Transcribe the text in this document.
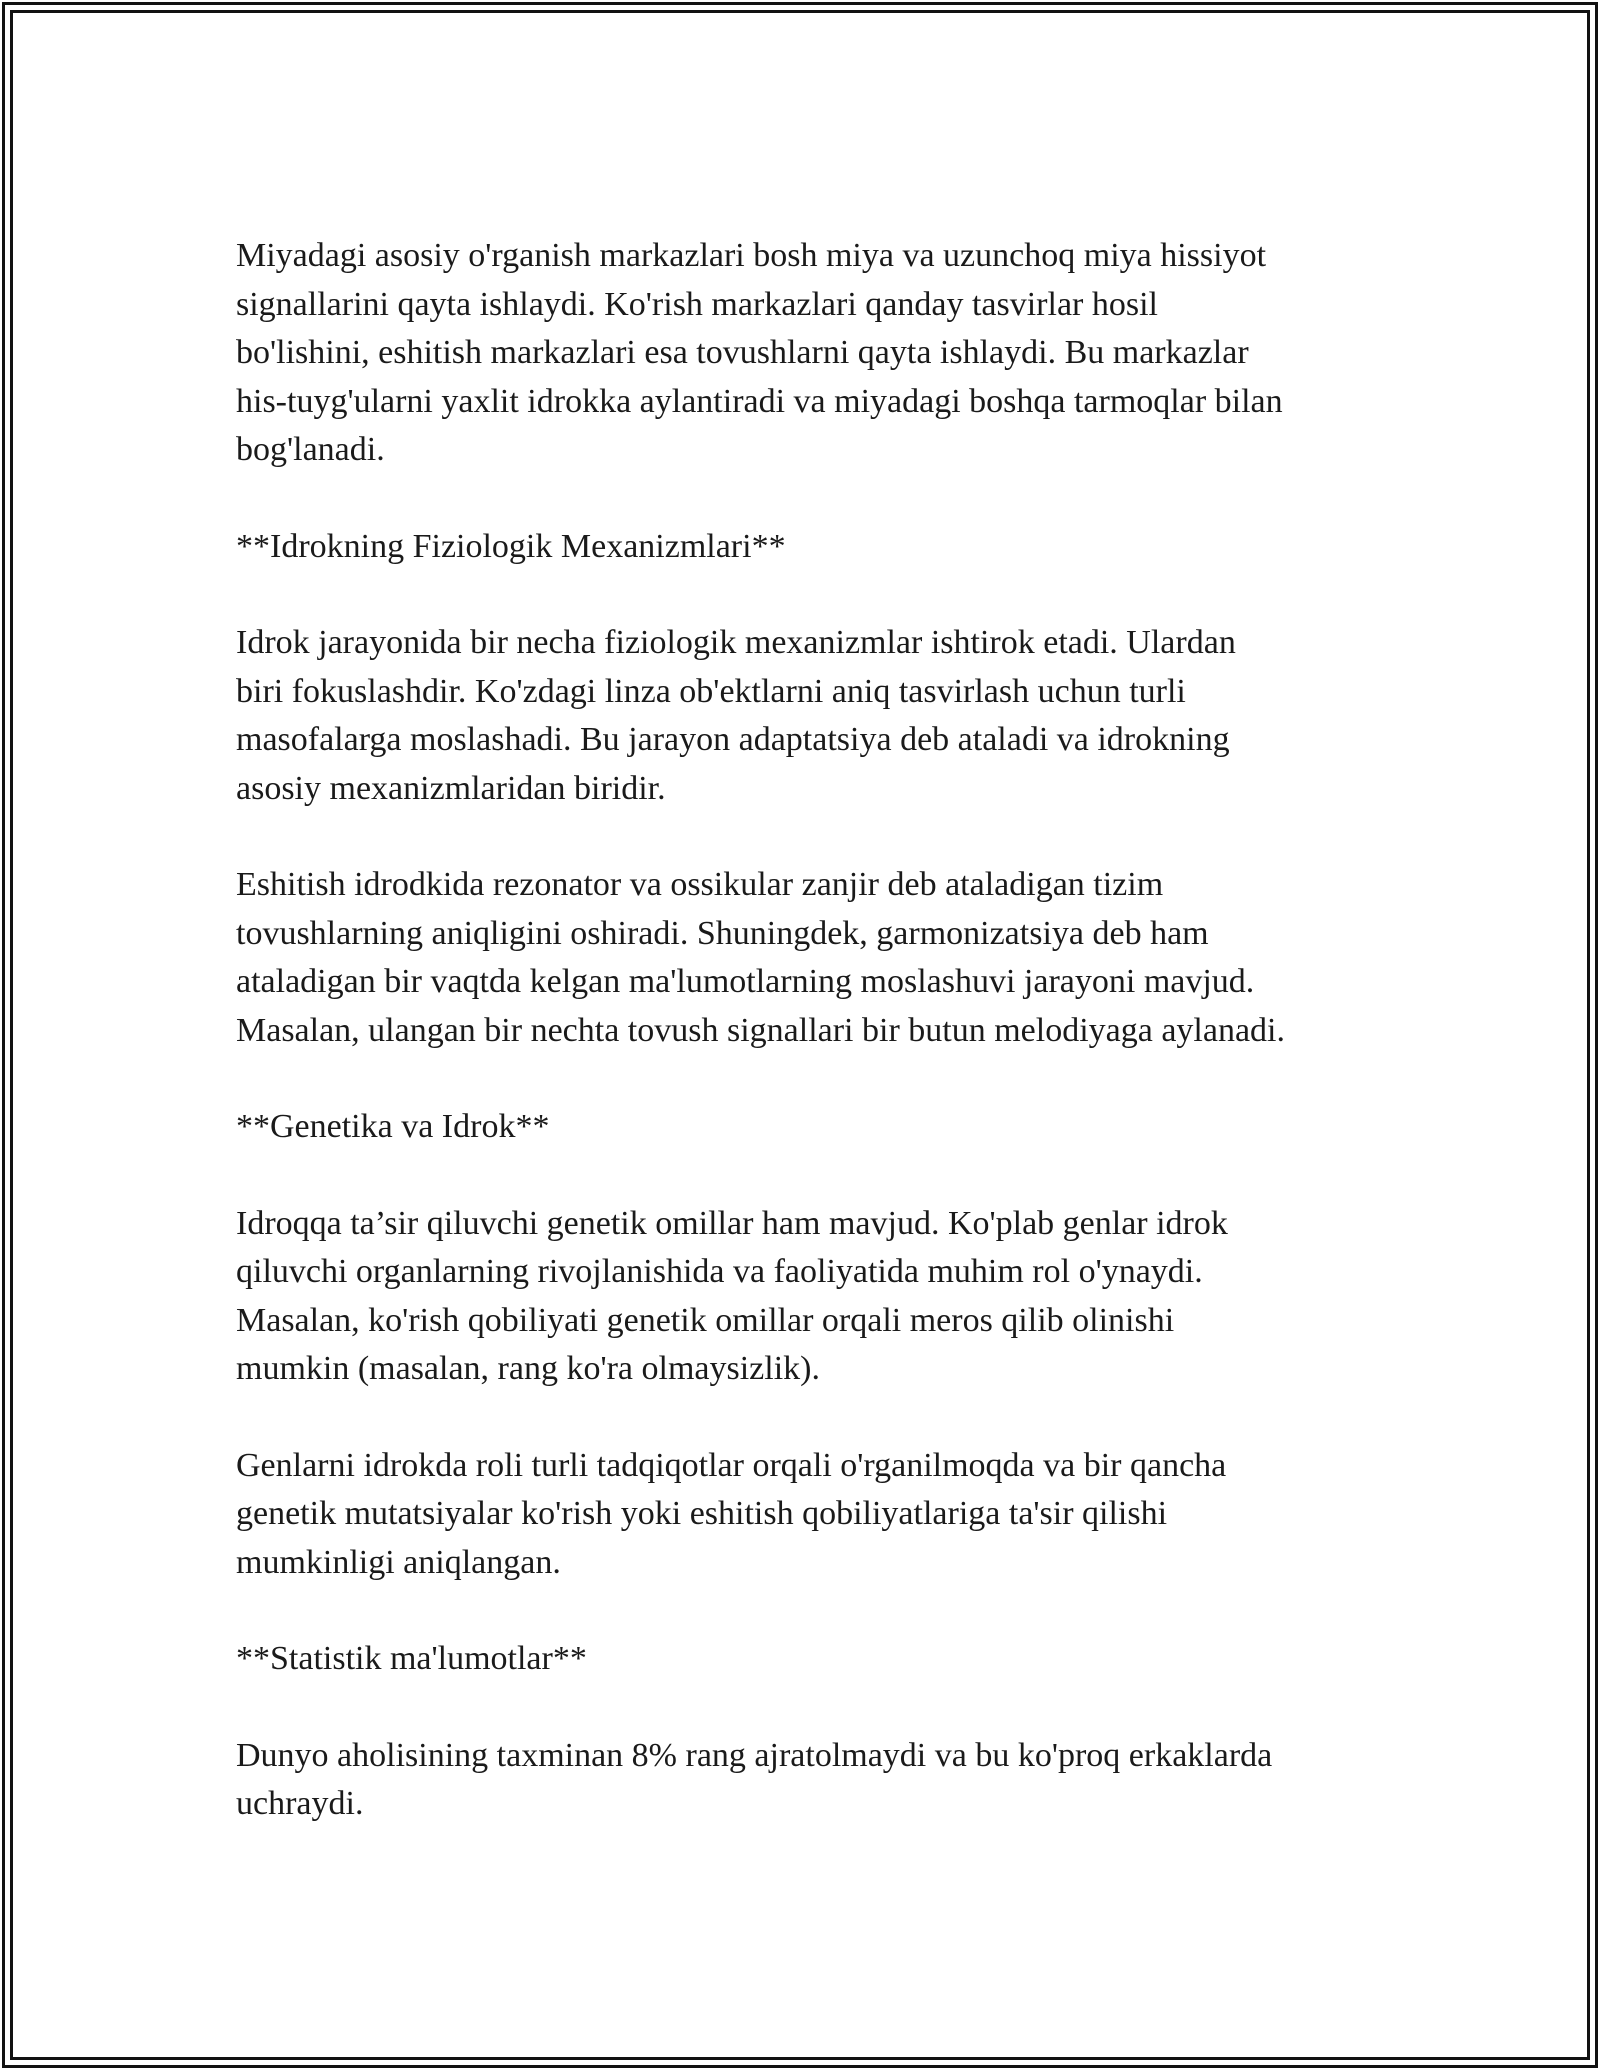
Miyadagi asosiy o'rganish markazlari bosh miya va uzunchoq miya hissiyot
signallarini qayta ishlaydi. Ko'rish markazlari qanday tasvirlar hosil
bo'lishini, eshitish markazlari esa tovushlarni qayta ishlaydi. Bu markazlar
his-tuyg'ularni yaxlit idrokka aylantiradi va miyadagi boshqa tarmoqlar bilan
bog'lanadi.

**Idrokning Fiziologik Mexanizmlari**

Idrok jarayonida bir necha fiziologik mexanizmlar ishtirok etadi. Ulardan
biri fokuslashdir. Ko'zdagi linza ob'ektlarni aniq tasvirlash uchun turli
masofalarga moslashadi. Bu jarayon adaptatsiya deb ataladi va idrokning
asosiy mexanizmlaridan biridir.

Eshitish idrodkida rezonator va ossikular zanjir deb ataladigan tizim
tovushlarning aniqligini oshiradi. Shuningdek, garmonizatsiya deb ham
ataladigan bir vaqtda kelgan ma'lumotlarning moslashuvi jarayoni mavjud.
Masalan, ulangan bir nechta tovush signallari bir butun melodiyaga aylanadi.

**Genetika va Idrok**

Idroqqa ta’sir qiluvchi genetik omillar ham mavjud. Ko'plab genlar idrok
qiluvchi organlarning rivojlanishida va faoliyatida muhim rol o'ynaydi.
Masalan, ko'rish qobiliyati genetik omillar orqali meros qilib olinishi
mumkin (masalan, rang ko'ra olmaysizlik).

Genlarni idrokda roli turli tadqiqotlar orqali o'rganilmoqda va bir qancha
genetik mutatsiyalar ko'rish yoki eshitish qobiliyatlariga ta'sir qilishi
mumkinligi aniqlangan.

**Statistik ma'lumotlar**

Dunyo aholisining taxminan 8% rang ajratolmaydi va bu ko'proq erkaklarda
uchraydi.
